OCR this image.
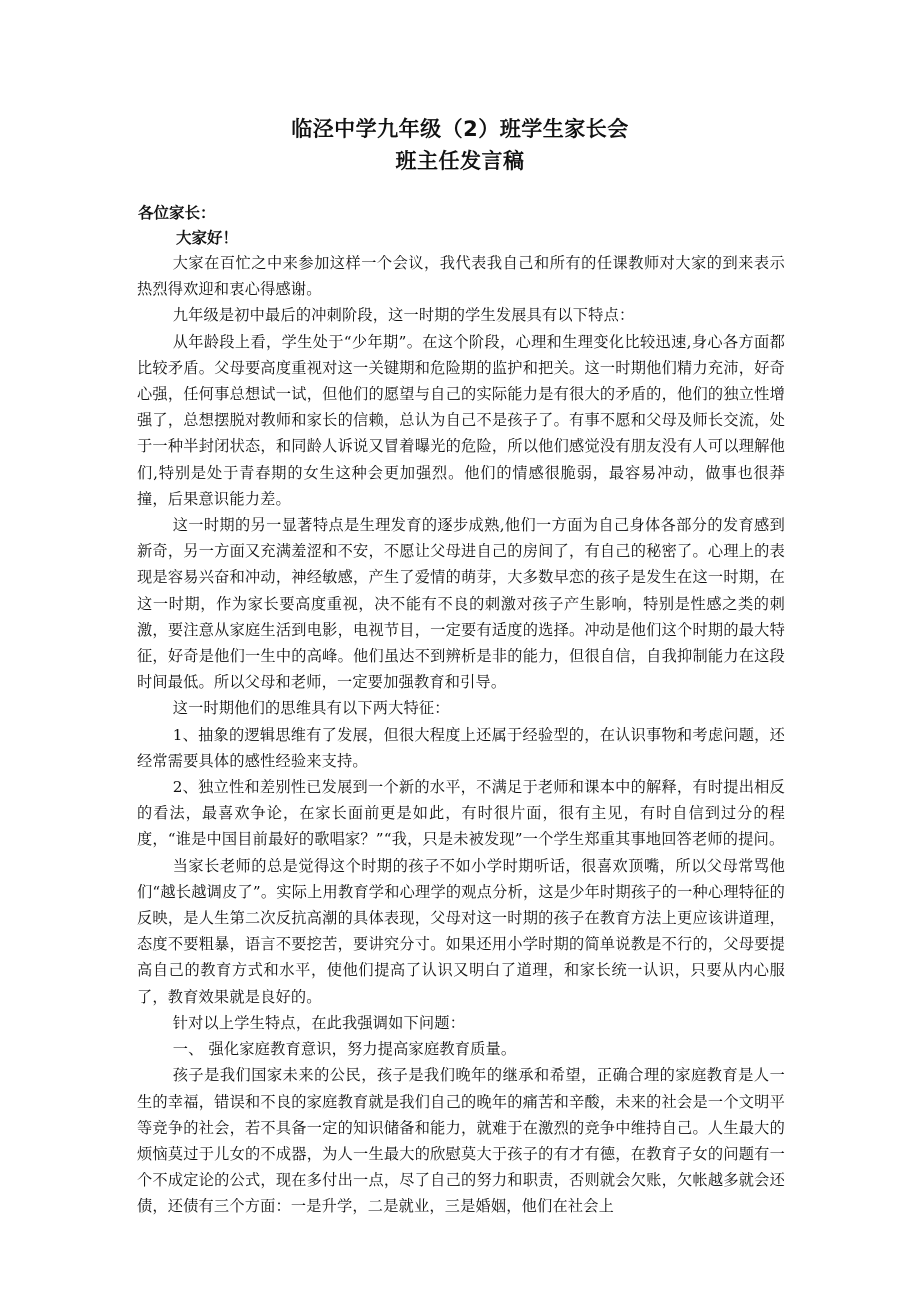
临泾中学九年级（2）班学生家长会
班主任发言稿
各位家长：
大家好！

大家在百忙之中来参加这样一个会议，我代表我自己和所有的任课教师对大家的到来表示热烈得欢迎和衷心得感谢。

九年级是初中最后的冲刺阶段，这一时期的学生发展具有以下特点：

从年龄段上看，学生处于“少年期”。在这个阶段，心理和生理变化比较迅速,身心各方面都比较矛盾。父母要高度重视对这一关键期和危险期的监护和把关。这一时期他们精力充沛，好奇心强，任何事总想试一试，但他们的愿望与自己的实际能力是有很大的矛盾的，他们的独立性增强了，总想摆脱对教师和家长的信赖，总认为自己不是孩子了。有事不愿和父母及师长交流，处于一种半封闭状态，和同龄人诉说又冒着曝光的危险，所以他们感觉没有朋友没有人可以理解他们,特别是处于青春期的女生这种会更加强烈。他们的情感很脆弱，最容易冲动，做事也很莽撞，后果意识能力差。

这一时期的另一显著特点是生理发育的逐步成熟,他们一方面为自己身体各部分的发育感到新奇，另一方面又充满羞涩和不安，不愿让父母进自己的房间了，有自己的秘密了。心理上的表现是容易兴奋和冲动，神经敏感，产生了爱情的萌芽，大多数早恋的孩子是发生在这一时期，在这一时期，作为家长要高度重视，决不能有不良的刺激对孩子产生影响，特别是性感之类的刺激，要注意从家庭生活到电影，电视节目，一定要有适度的选择。冲动是他们这个时期的最大特征，好奇是他们一生中的高峰。他们虽达不到辨析是非的能力，但很自信，自我抑制能力在这段时间最低。所以父母和老师，一定要加强教育和引导。

这一时期他们的思维具有以下两大特征：

1、抽象的逻辑思维有了发展，但很大程度上还属于经验型的，在认识事物和考虑问题，还经常需要具体的感性经验来支持。

2、独立性和差别性已发展到一个新的水平，不满足于老师和课本中的解释，有时提出相反的看法，最喜欢争论，在家长面前更是如此，有时很片面，很有主见，有时自信到过分的程度，“谁是中国目前最好的歌唱家？”“我，只是未被发现”一个学生郑重其事地回答老师的提问。

当家长老师的总是觉得这个时期的孩子不如小学时期听话，很喜欢顶嘴，所以父母常骂他们“越长越调皮了”。实际上用教育学和心理学的观点分析，这是少年时期孩子的一种心理特征的反映，是人生第二次反抗高潮的具体表现，父母对这一时期的孩子在教育方法上更应该讲道理，态度不要粗暴，语言不要挖苦，要讲究分寸。如果还用小学时期的简单说教是不行的，父母要提高自己的教育方式和水平，使他们提高了认识又明白了道理，和家长统一认识，只要从内心服了，教育效果就是良好的。

针对以上学生特点，在此我强调如下问题：

一、 强化家庭教育意识，努力提高家庭教育质量。

孩子是我们国家未来的公民，孩子是我们晚年的继承和希望，正确合理的家庭教育是人一生的幸福，错误和不良的家庭教育就是我们自己的晚年的痛苦和辛酸，未来的社会是一个文明平等竞争的社会，若不具备一定的知识储备和能力，就难于在激烈的竞争中维持自己。人生最大的烦恼莫过于儿女的不成器，为人一生最大的欣慰莫大于孩子的有才有德，在教育子女的问题有一个不成定论的公式，现在多付出一点，尽了自己的努力和职责，否则就会欠账，欠帐越多就会还债，还债有三个方面：一是升学，二是就业，三是婚姻，他们在社会上
